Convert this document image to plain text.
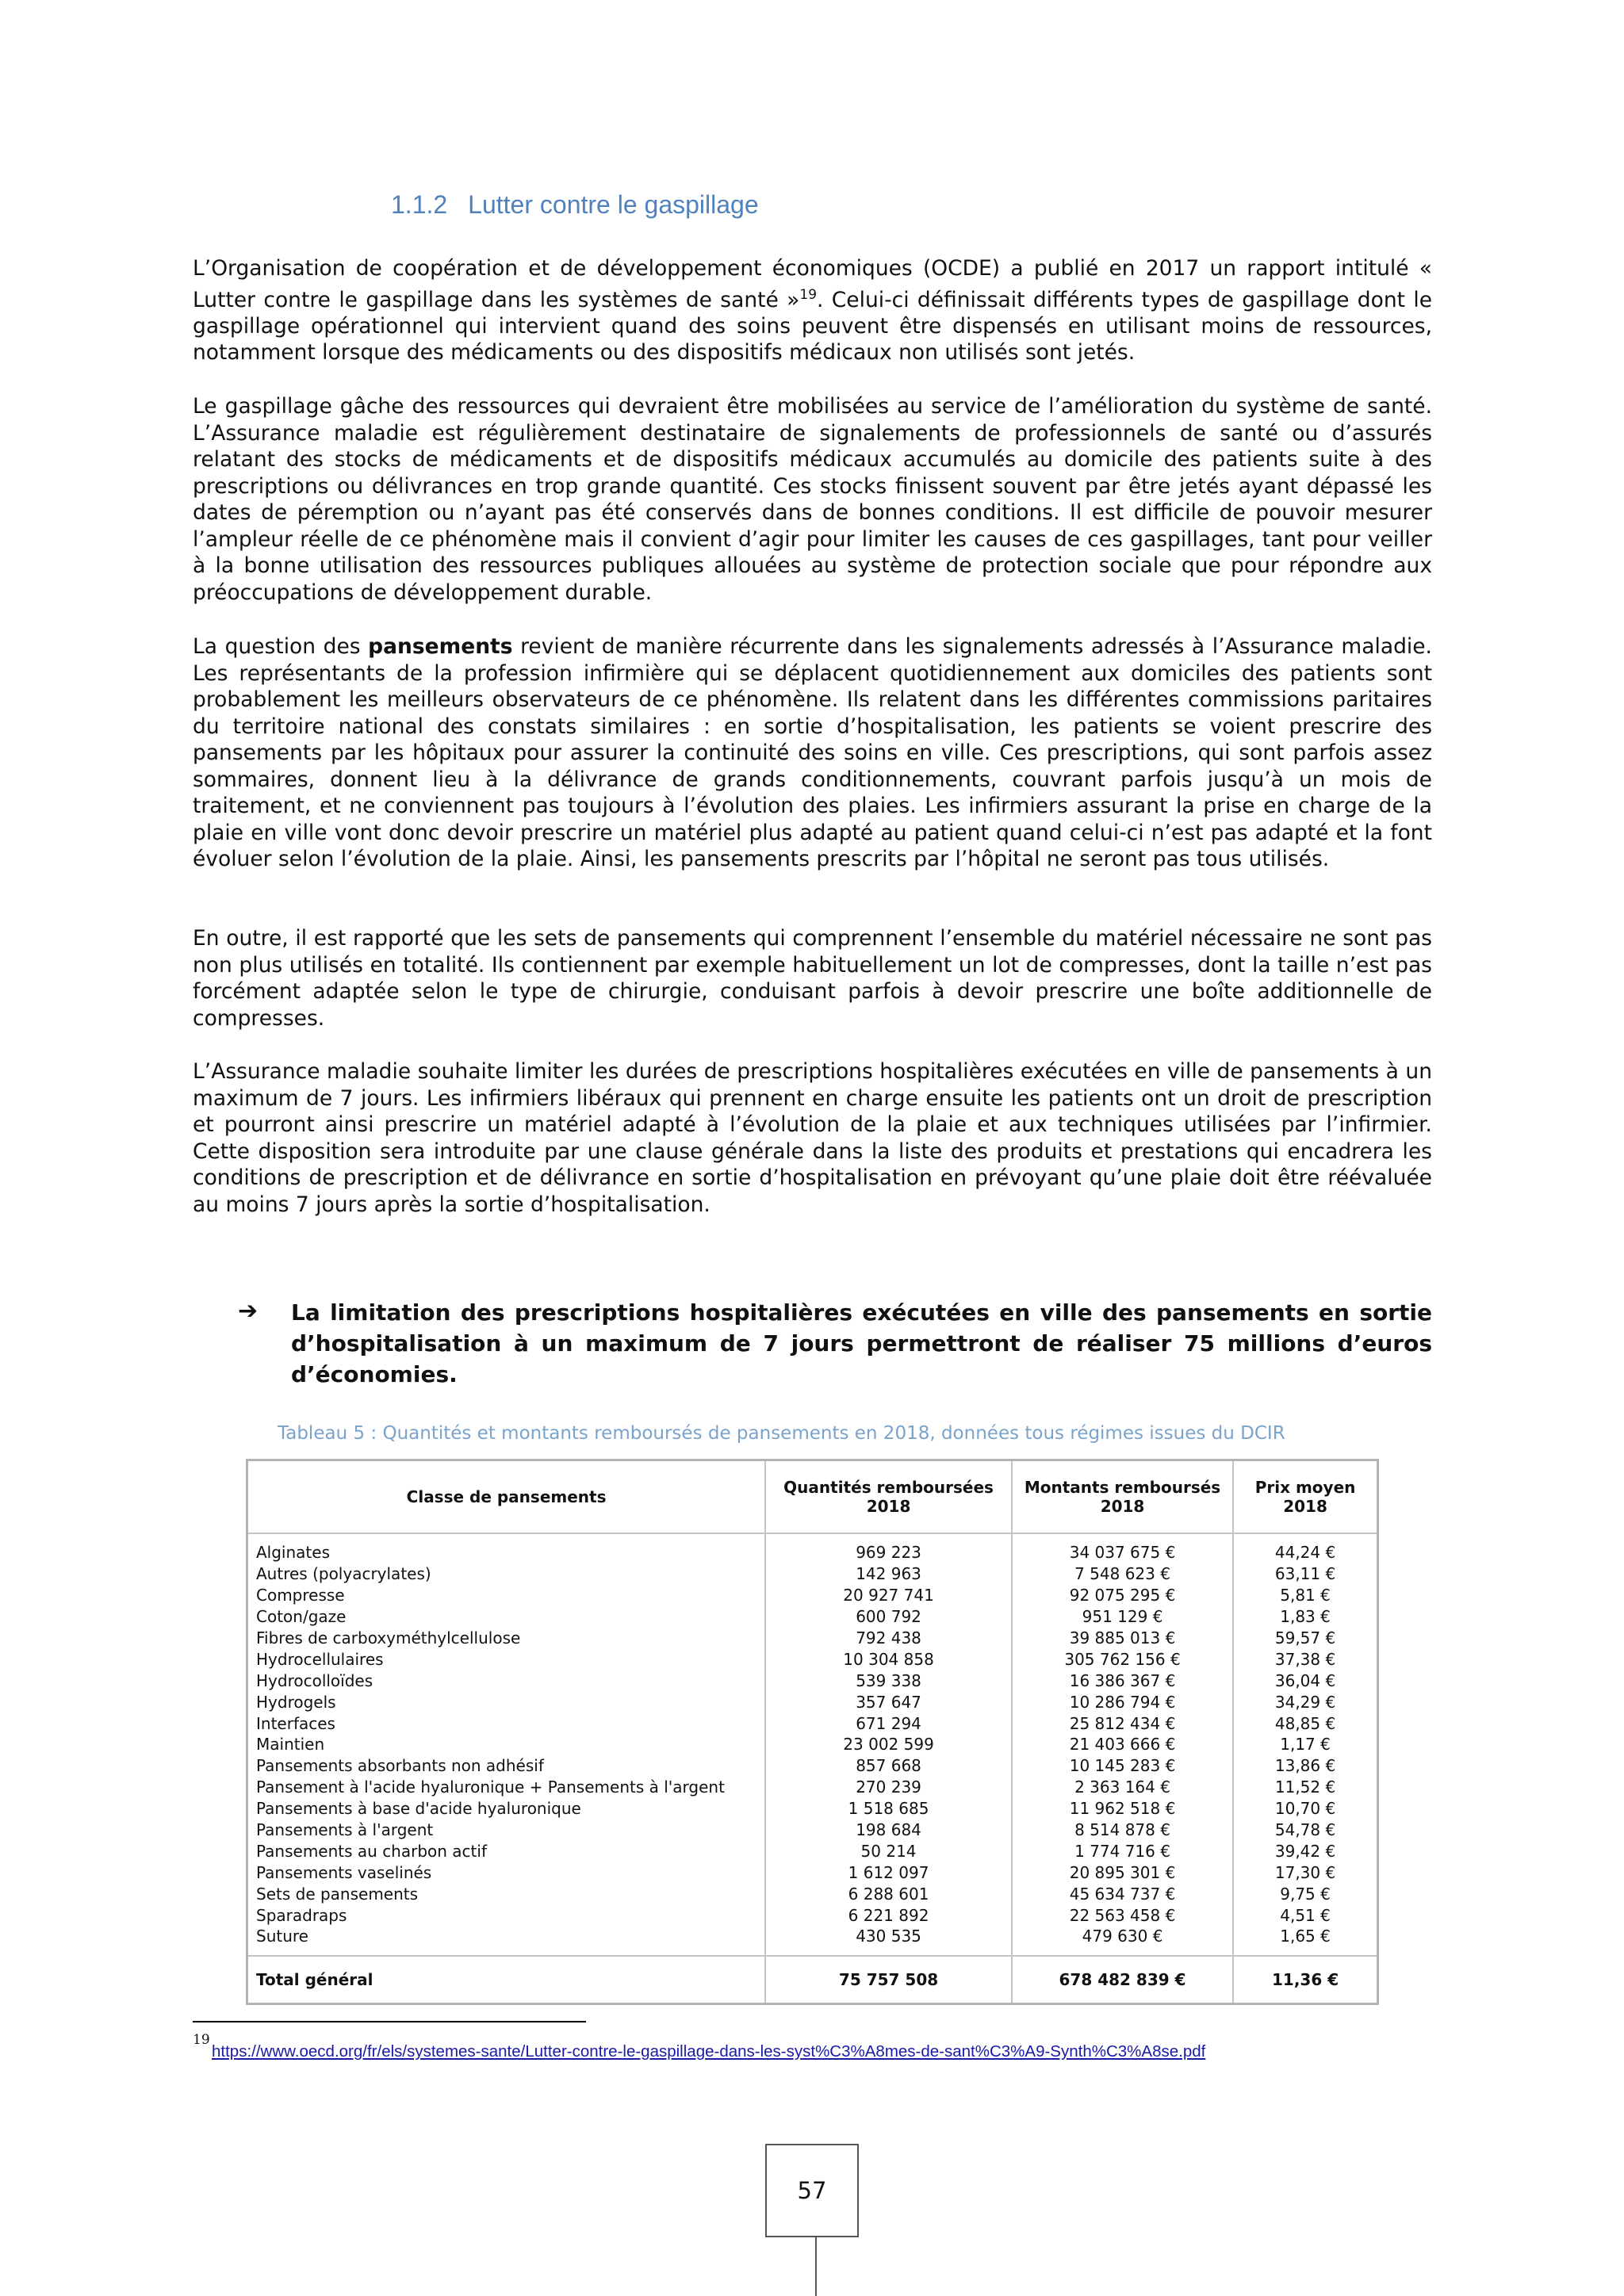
1.1.2 Lutter contre le gaspillage

L’Organisation de coopération et de développement économiques (OCDE) a publié en 2017 un rapport intitulé « Lutter contre le gaspillage dans les systèmes de santé »$^{19}$. Celui-ci définissait différents types de gaspillage dont le gaspillage opérationnel qui intervient quand des soins peuvent être dispensés en utilisant moins de ressources, notamment lorsque des médicaments ou des dispositifs médicaux non utilisés sont jetés.

Le gaspillage gâche des ressources qui devraient être mobilisées au service de l’amélioration du système de santé. L’Assurance maladie est régulièrement destinataire de signalements de professionnels de santé ou d’assurés relatant des stocks de médicaments et de dispositifs médicaux accumulés au domicile des patients suite à des prescriptions ou délivrances en trop grande quantité. Ces stocks finissent souvent par être jetés ayant dépassé les dates de péremption ou n’ayant pas été conservés dans de bonnes conditions. Il est difficile de pouvoir mesurer l’ampleur réelle de ce phénomène mais il convient d’agir pour limiter les causes de ces gaspillages, tant pour veiller à la bonne utilisation des ressources publiques allouées au système de protection sociale que pour répondre aux préoccupations de développement durable.

La question des pansements revient de manière récurrente dans les signalements adressés à l’Assurance maladie. Les représentants de la profession infirmière qui se déplacent quotidiennement aux domiciles des patients sont probablement les meilleurs observateurs de ce phénomène. Ils relatent dans les différentes commissions paritaires du territoire national des constats similaires : en sortie d’hospitalisation, les patients se voient prescrire des pansements par les hôpitaux pour assurer la continuité des soins en ville. Ces prescriptions, qui sont parfois assez sommaires, donnent lieu à la délivrance de grands conditionnements, couvrant parfois jusqu’à un mois de traitement, et ne conviennent pas toujours à l’évolution des plaies. Les infirmiers assurant la prise en charge de la plaie en ville vont donc devoir prescrire un matériel plus adapté au patient quand celui-ci n’est pas adapté et la font évoluer selon l’évolution de la plaie. Ainsi, les pansements prescrits par l’hôpital ne seront pas tous utilisés.

En outre, il est rapporté que les sets de pansements qui comprennent l’ensemble du matériel nécessaire ne sont pas non plus utilisés en totalité. Ils contiennent par exemple habituellement un lot de compresses, dont la taille n’est pas forcément adaptée selon le type de chirurgie, conduisant parfois à devoir prescrire une boîte additionnelle de compresses.

L’Assurance maladie souhaite limiter les durées de prescriptions hospitalières exécutées en ville de pansements à un maximum de 7 jours. Les infirmiers libéraux qui prennent en charge ensuite les patients ont un droit de prescription et pourront ainsi prescrire un matériel adapté à l’évolution de la plaie et aux techniques utilisées par l’infirmier. Cette disposition sera introduite par une clause générale dans la liste des produits et prestations qui encadrera les conditions de prescription et de délivrance en sortie d’hospitalisation en prévoyant qu’une plaie doit être réévaluée au moins 7 jours après la sortie d’hospitalisation.

➔ La limitation des prescriptions hospitalières exécutées en ville des pansements en sortie d’hospitalisation à un maximum de 7 jours permettront de réaliser 75 millions d’euros d’économies.
Tableau 5 : Quantités et montants remboursés de pansements en 2018, données tous régimes issues du DCIR
Classe de pansements	Quantités remboursées 2018	Montants remboursés 2018	Prix moyen 2018

Alginates	969 223	34 037 675 €	44,24 €
Autres (polyacrylates)	142 963	7 548 623 €	63,11 €
Compresse	20 927 741	92 075 295 €	5,81 €
Coton/gaze	600 792	951 129 €	1,83 €
Fibres de carboxyméthylcellulose	792 438	39 885 013 €	59,57 €
Hydrocellulaires	10 304 858	305 762 156 €	37,38 €
Hydrocolloïdes	539 338	16 386 367 €	36,04 €
Hydrogels	357 647	10 286 794 €	34,29 €
Interfaces	671 294	25 812 434 €	48,85 €
Maintien	23 002 599	21 403 666 €	1,17 €
Pansements absorbants non adhésif	857 668	10 145 283 €	13,86 €
Pansement à l'acide hyaluronique + Pansements à l'argent	270 239	2 363 164 €	11,52 €
Pansements à base d'acide hyaluronique	1 518 685	11 962 518 €	10,70 €
Pansements à l'argent	198 684	8 514 878 €	54,78 €
Pansements au charbon actif	50 214	1 774 716 €	39,42 €
Pansements vaselinés	1 612 097	20 895 301 €	17,30 €
Sets de pansements	6 288 601	45 634 737 €	9,75 €
Sparadraps	6 221 892	22 563 458 €	4,51 €
Suture	430 535	479 630 €	1,65 €

Total général	75 757 508	678 482 839 €	11,36 €
19
https://www.oecd.org/fr/els/systemes-sante/Lutter-contre-le-gaspillage-dans-les-syst%C3%A8mes-de-sant%C3%A9-Synth%C3%A8se.pdf
57
